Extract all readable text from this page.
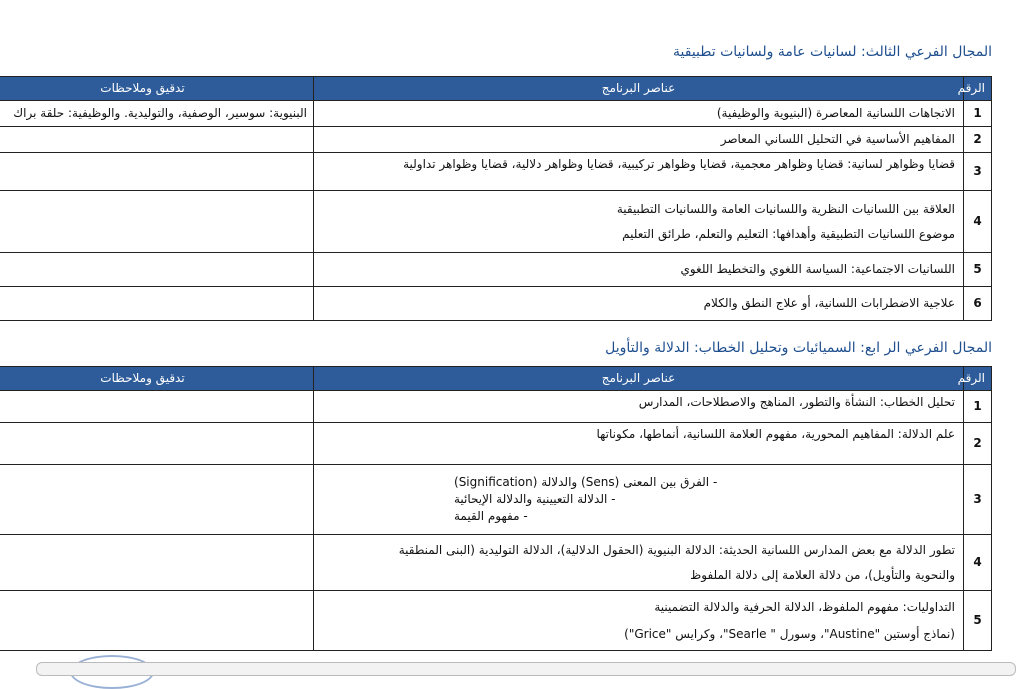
المجال الفرعي الثالث: لسانيات عامة ولسانيات تطبيقية
الرقم	عناصر البرنامج	تدقيق وملاحظات
1	الاتجاهات اللسانية المعاصرة (البنيوية والوظيفية)	البنيوية: سوسير، الوصفية، والتوليدية. والوظيفية: حلقة براك
2	المفاهيم الأساسية في التحليل اللساني المعاصر	

3	قضايا وظواهر لسانية: قضايا وظواهر معجمية، قضايا وظواهر تركيبية، قضايا وظواهر دلالية، قضايا وظواهر تداولية	

4	العلاقة بين اللسانيات النظرية واللسانيات العامة واللسانيات التطبيقية
موضوع اللسانيات التطبيقية وأهدافها: التعليم والتعلم، طرائق التعليم	

5	اللسانيات الاجتماعية: السياسة اللغوي والتخطيط اللغوي	

6	علاجية الاضطرابات اللسانية، أو علاج النطق والكلام	

المجال الفرعي الر ابع: السميائيات وتحليل الخطاب: الدلالة والتأويل
الرقم	عناصر البرنامج	تدقيق وملاحظات
1	تحليل الخطاب: النشأة والتطور، المناهج والاصطلاحات، المدارس	

2	علم الدلالة: المفاهيم المحورية، مفهوم العلامة اللسانية، أنماطها، مكوناتها	

3	- الفرق بين المعنى (Sens) والدلالة (Signification)
- الدلالة التعيينية والدلالة الإيحائية
- مفهوم القيمة

4	تطور الدلالة مع بعض المدارس اللسانية الحديثة: الدلالة البنيوية (الحقول الدلالية)، الدلالة التوليدية (البنى المنطقية
والنحوية والتأويل)، من دلالة العلامة إلى دلالة الملفوظ	

5	التداوليات: مفهوم الملفوظ، الدلالة الحرفية والدلالة التضمينية
(نماذج أوستين "Austine"، وسورل " Searle"، وكرايس "Grice")	
